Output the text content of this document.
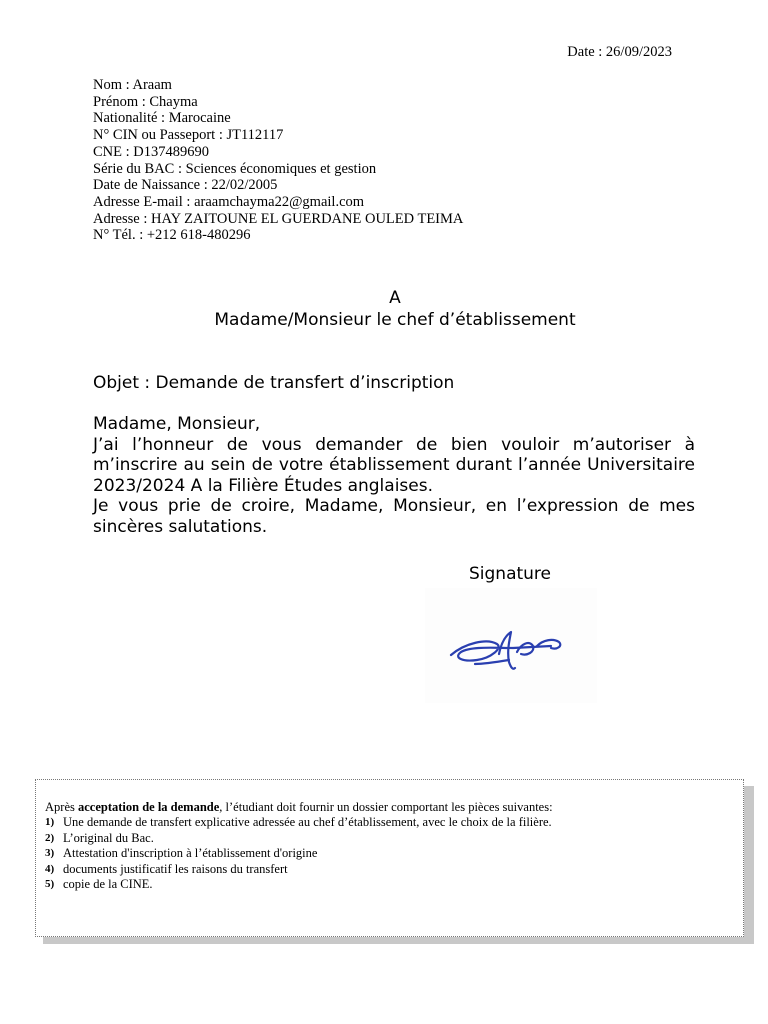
Date : 26/09/2023
Nom : Araam
Prénom : Chayma
Nationalité : Marocaine
N° CIN ou Passeport : JT112117
CNE : D137489690
Série du BAC : Sciences économiques et gestion
Date de Naissance : 22/02/2005
Adresse E-mail : araamchayma22@gmail.com
Adresse : HAY ZAITOUNE EL GUERDANE OULED TEIMA
N° Tél. : +212 618-480296
A
Madame/Monsieur le chef d’établissement
Objet : Demande de transfert d’inscription

Madame, Monsieur,

J’ai l’honneur de vous demander de bien vouloir m’autoriser à m’inscrire au sein de votre établissement durant l’année Universitaire 2023/2024 A la Filière Études anglaises.

Je vous prie de croire, Madame, Monsieur, en l’expression de mes sincères salutations.

Signature
Après acceptation de la demande, l’étudiant doit fournir un dossier comportant les pièces suivantes:
1) Une demande de transfert explicative adressée au chef d’établissement, avec le choix de la filière.
2) L’original du Bac.
3) Attestation d'inscription à l’établissement d'origine
4) documents justificatif les raisons du transfert
5) copie de la CINE.
